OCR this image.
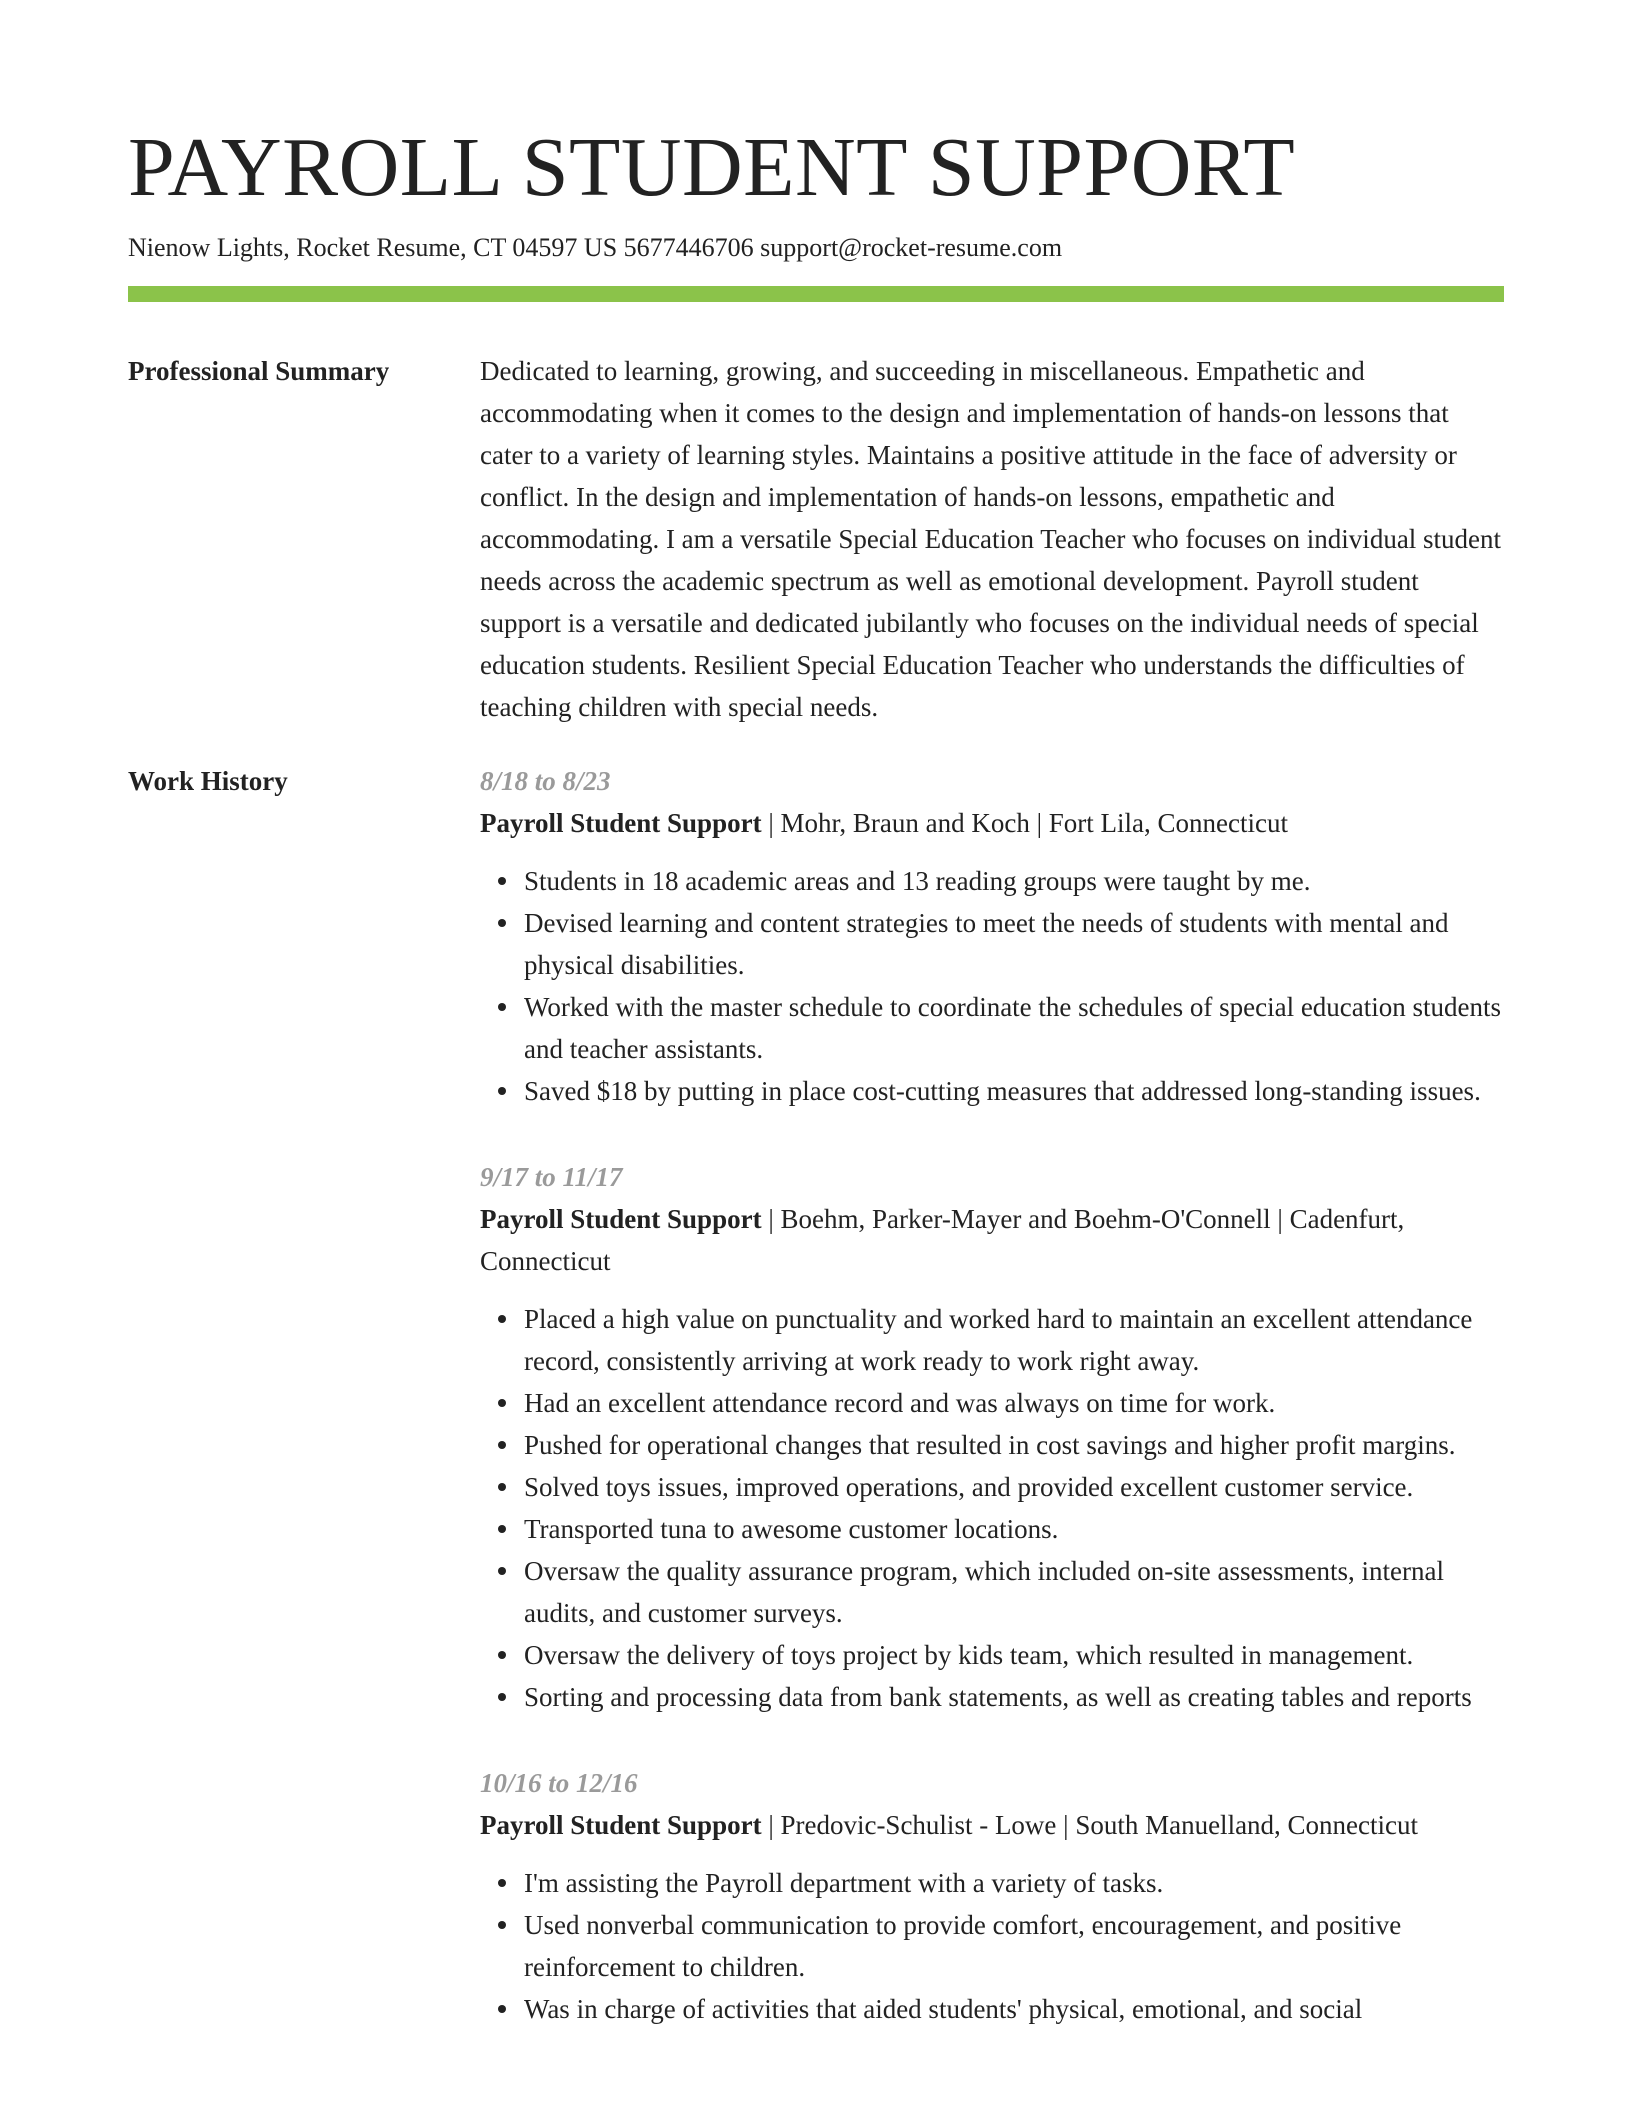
PAYROLL STUDENT SUPPORT
Nienow Lights, Rocket Resume, CT 04597 US 5677446706 support@rocket-resume.com
Professional Summary	Dedicated to learning, growing, and succeeding in miscellaneous. Empathetic and accommodating when it comes to the design and implementation of hands-on lessons that cater to a variety of learning styles. Maintains a positive attitude in the face of adversity or conflict. In the design and implementation of hands-on lessons, empathetic and accommodating. I am a versatile Special Education Teacher who focuses on individual student needs across the academic spectrum as well as emotional development. Payroll student support is a versatile and dedicated jubilantly who focuses on the individual needs of special education students. Resilient Special Education Teacher who understands the difficulties of teaching children with special needs.

Work History	8/18 to 8/23
Payroll Student Support | Mohr, Braun and Koch | Fort Lila, Connecticut
Students in 18 academic areas and 13 reading groups were taught by me.
Devised learning and content strategies to meet the needs of students with mental and physical disabilities.
Worked with the master schedule to coordinate the schedules of special education students and teacher assistants.
Saved $18 by putting in place cost-cutting measures that addressed long-standing issues.
9/17 to 11/17
Payroll Student Support | Boehm, Parker-Mayer and Boehm-O'Connell | Cadenfurt, Connecticut
Placed a high value on punctuality and worked hard to maintain an excellent attendance record, consistently arriving at work ready to work right away.
Had an excellent attendance record and was always on time for work.
Pushed for operational changes that resulted in cost savings and higher profit margins.
Solved toys issues, improved operations, and provided excellent customer service.
Transported tuna to awesome customer locations.
Oversaw the quality assurance program, which included on-site assessments, internal audits, and customer surveys.
Oversaw the delivery of toys project by kids team, which resulted in management.
Sorting and processing data from bank statements, as well as creating tables and reports
10/16 to 12/16
Payroll Student Support | Predovic-Schulist - Lowe | South Manuelland, Connecticut
I'm assisting the Payroll department with a variety of tasks.
Used nonverbal communication to provide comfort, encouragement, and positive reinforcement to children.
Was in charge of activities that aided students' physical, emotional, and social
